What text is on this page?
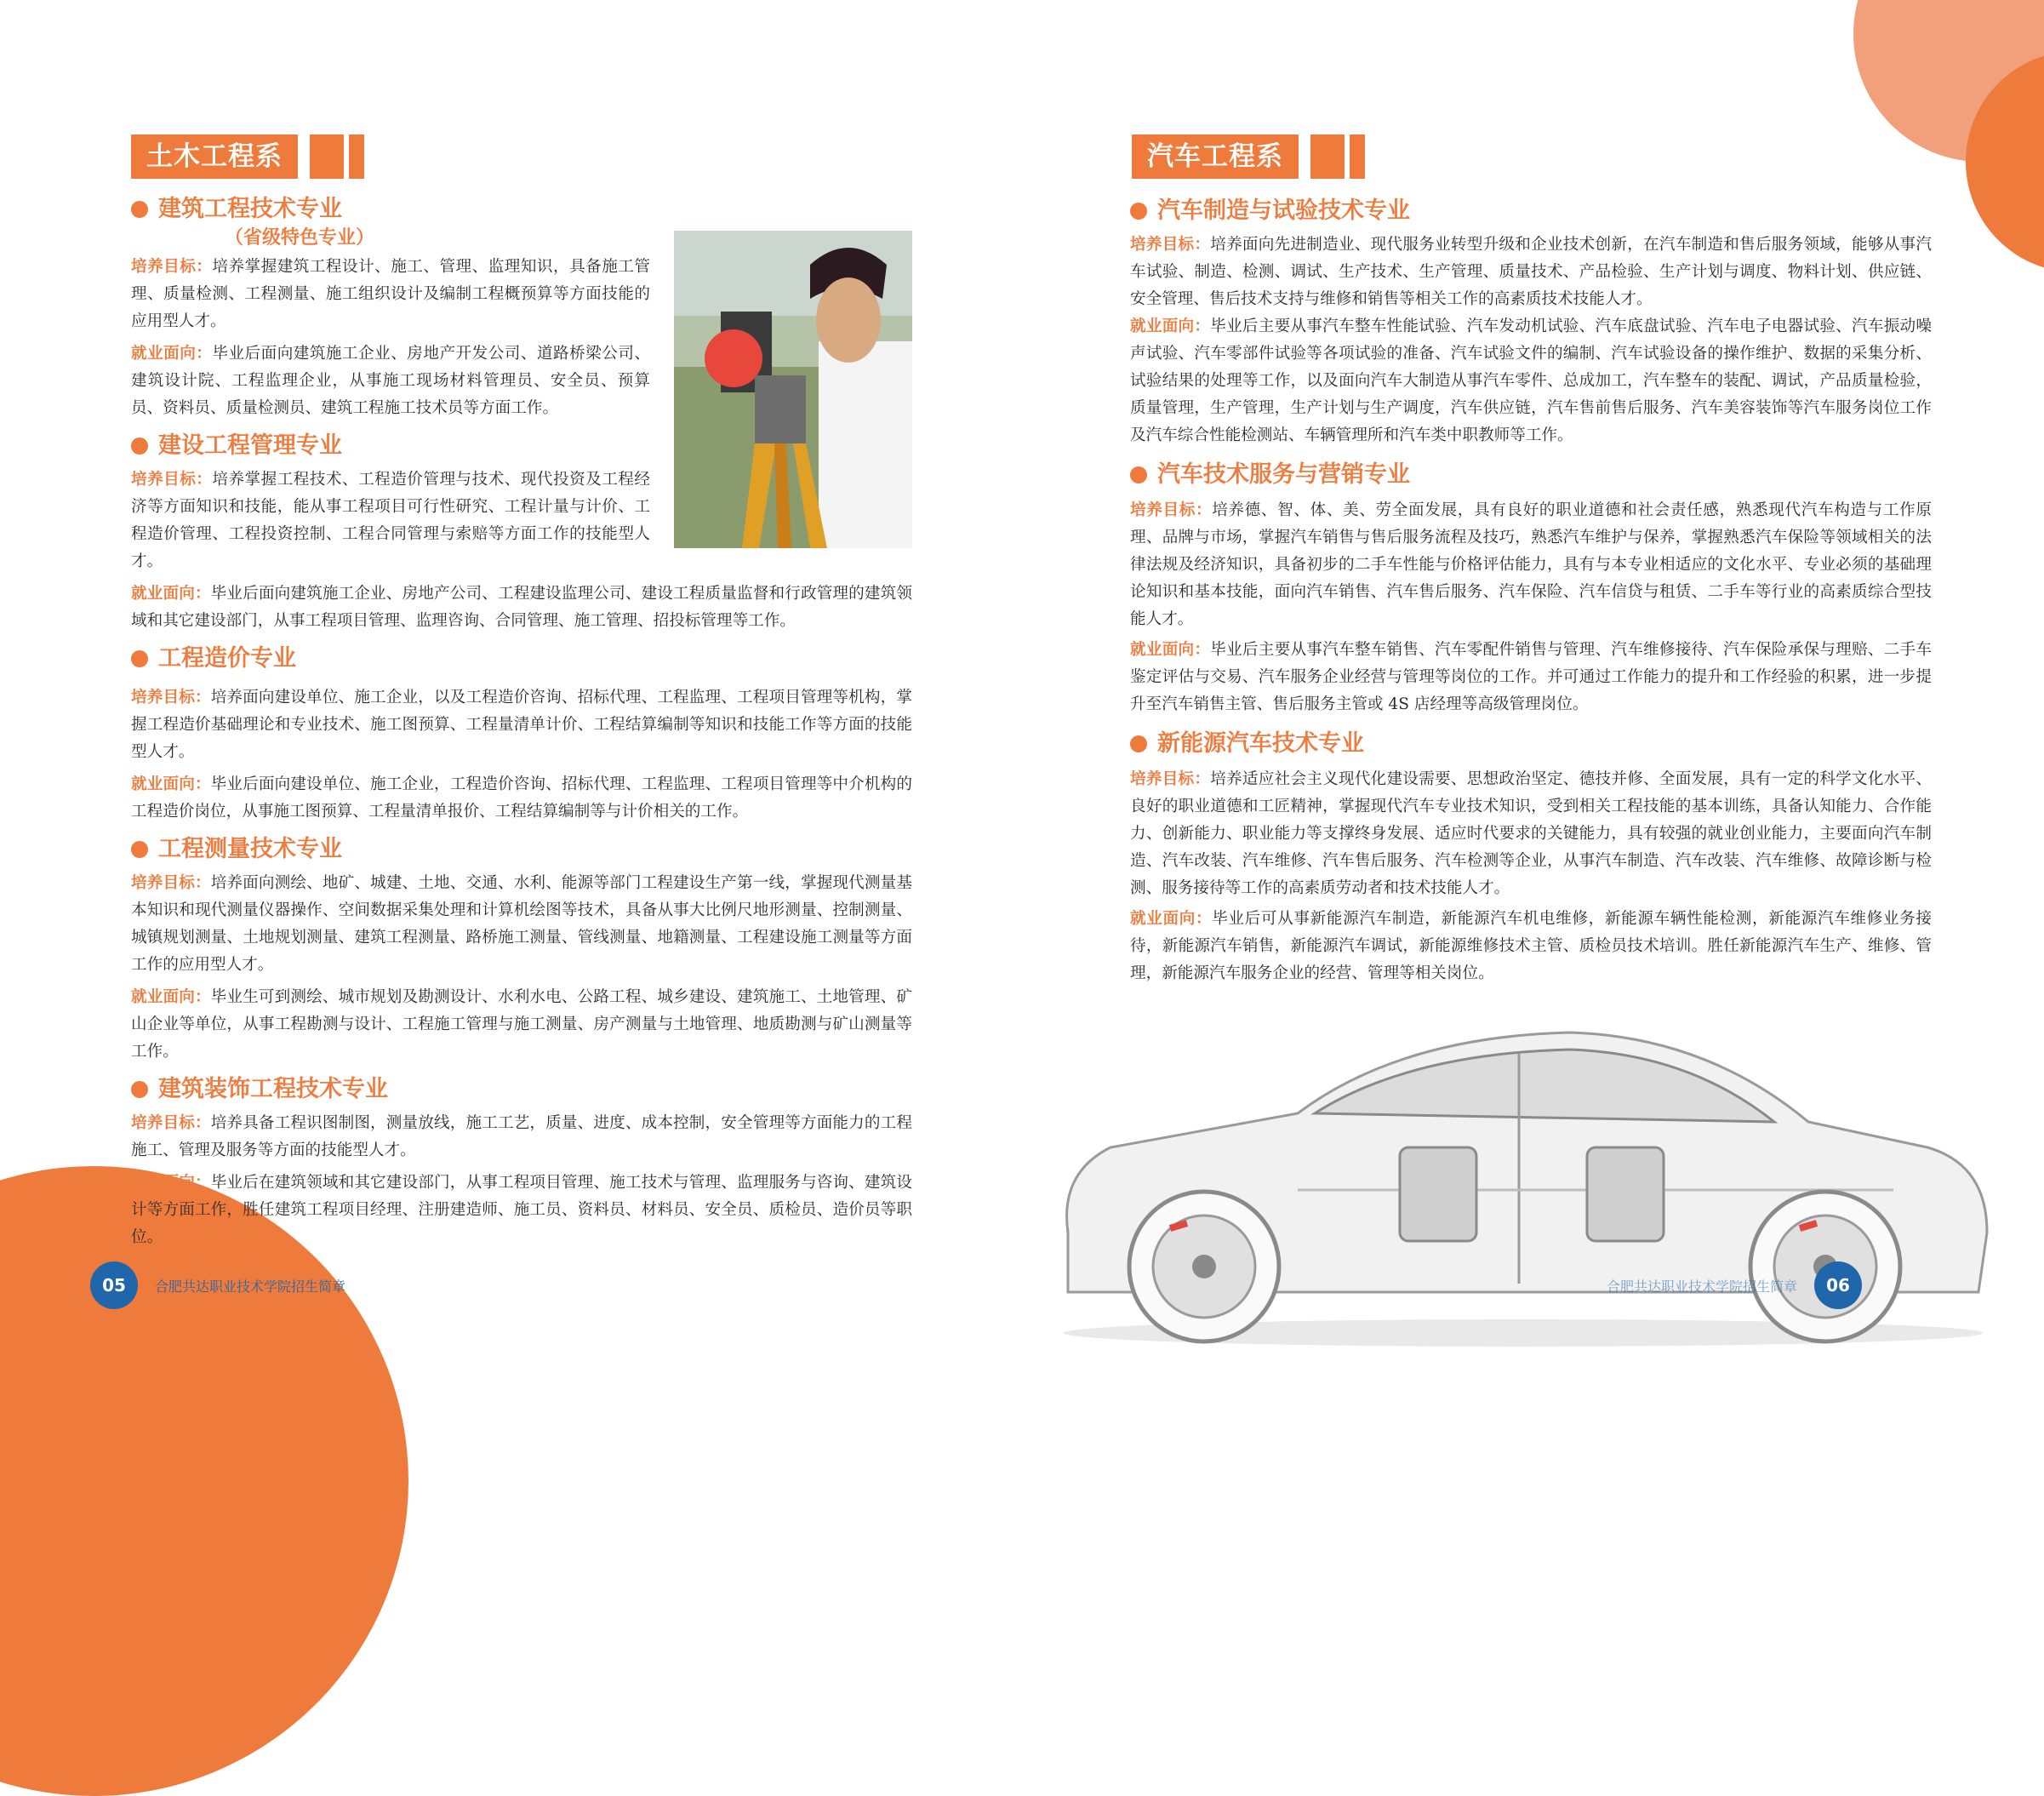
土木工程系

建筑工程技术专业

（省级特色专业）

培养目标：培养掌握建筑工程设计、施工、管理、监理知识，具备施工管理、质量检测、工程测量、施工组织设计及编制工程概预算等方面技能的应用型人才。

就业面向：毕业后面向建筑施工企业、房地产开发公司、道路桥梁公司、建筑设计院、工程监理企业，从事施工现场材料管理员、安全员、预算员、资料员、质量检测员、建筑工程施工技术员等方面工作。

建设工程管理专业

培养目标：培养掌握工程技术、工程造价管理与技术、现代投资及工程经济等方面知识和技能，能从事工程项目可行性研究、工程计量与计价、工程造价管理、工程投资控制、工程合同管理与索赔等方面工作的技能型人才。

就业面向：毕业后面向建筑施工企业、房地产公司、工程建设监理公司、建设工程质量监督和行政管理的建筑领域和其它建设部门，从事工程项目管理、监理咨询、合同管理、施工管理、招投标管理等工作。

工程造价专业

培养目标：培养面向建设单位、施工企业，以及工程造价咨询、招标代理、工程监理、工程项目管理等机构，掌握工程造价基础理论和专业技术、施工图预算、工程量清单计价、工程结算编制等知识和技能工作等方面的技能型人才。

就业面向：毕业后面向建设单位、施工企业，工程造价咨询、招标代理、工程监理、工程项目管理等中介机构的工程造价岗位，从事施工图预算、工程量清单报价、工程结算编制等与计价相关的工作。

工程测量技术专业

培养目标：培养面向测绘、地矿、城建、土地、交通、水利、能源等部门工程建设生产第一线，掌握现代测量基本知识和现代测量仪器操作、空间数据采集处理和计算机绘图等技术，具备从事大比例尺地形测量、控制测量、城镇规划测量、土地规划测量、建筑工程测量、路桥施工测量、管线测量、地籍测量、工程建设施工测量等方面工作的应用型人才。

就业面向：毕业生可到测绘、城市规划及勘测设计、水利水电、公路工程、城乡建设、建筑施工、土地管理、矿山企业等单位，从事工程勘测与设计、工程施工管理与施工测量、房产测量与土地管理、地质勘测与矿山测量等工作。

建筑装饰工程技术专业

培养目标：培养具备工程识图制图，测量放线，施工工艺，质量、进度、成本控制，安全管理等方面能力的工程施工、管理及服务等方面的技能型人才。

就业面向：毕业后在建筑领域和其它建设部门，从事工程项目管理、施工技术与管理、监理服务与咨询、建筑设计等方面工作，胜任建筑工程项目经理、注册建造师、施工员、资料员、材料员、安全员、质检员、造价员等职位。

05	合肥共达职业技术学院招生简章
汽车工程系

汽车制造与试验技术专业

培养目标：培养面向先进制造业、现代服务业转型升级和企业技术创新，在汽车制造和售后服务领域，能够从事汽车试验、制造、检测、调试、生产技术、生产管理、质量技术、产品检验、生产计划与调度、物料计划、供应链、安全管理、售后技术支持与维修和销售等相关工作的高素质技术技能人才。

就业面向：毕业后主要从事汽车整车性能试验、汽车发动机试验、汽车底盘试验、汽车电子电器试验、汽车振动噪声试验、汽车零部件试验等各项试验的准备、汽车试验文件的编制、汽车试验设备的操作维护、数据的采集分析、试验结果的处理等工作，以及面向汽车大制造从事汽车零件、总成加工，汽车整车的装配、调试，产品质量检验，质量管理，生产管理，生产计划与生产调度，汽车供应链，汽车售前售后服务、汽车美容装饰等汽车服务岗位工作及汽车综合性能检测站、车辆管理所和汽车类中职教师等工作。

汽车技术服务与营销专业

培养目标：培养德、智、体、美、劳全面发展，具有良好的职业道德和社会责任感，熟悉现代汽车构造与工作原理、品牌与市场，掌握汽车销售与售后服务流程及技巧，熟悉汽车维护与保养，掌握熟悉汽车保险等领域相关的法律法规及经济知识，具备初步的二手车性能与价格评估能力，具有与本专业相适应的文化水平、专业必须的基础理论知识和基本技能，面向汽车销售、汽车售后服务、汽车保险、汽车信贷与租赁、二手车等行业的高素质综合型技能人才。

就业面向：毕业后主要从事汽车整车销售、汽车零配件销售与管理、汽车维修接待、汽车保险承保与理赔、二手车鉴定评估与交易、汽车服务企业经营与管理等岗位的工作。并可通过工作能力的提升和工作经验的积累，进一步提升至汽车销售主管、售后服务主管或 4S 店经理等高级管理岗位。

新能源汽车技术专业

培养目标：培养适应社会主义现代化建设需要、思想政治坚定、德技并修、全面发展，具有一定的科学文化水平、良好的职业道德和工匠精神，掌握现代汽车专业技术知识，受到相关工程技能的基本训练，具备认知能力、合作能力、创新能力、职业能力等支撑终身发展、适应时代要求的关键能力，具有较强的就业创业能力，主要面向汽车制造、汽车改装、汽车维修、汽车售后服务、汽车检测等企业，从事汽车制造、汽车改装、汽车维修、故障诊断与检测、服务接待等工作的高素质劳动者和技术技能人才。

就业面向：毕业后可从事新能源汽车制造，新能源汽车机电维修，新能源车辆性能检测，新能源汽车维修业务接待，新能源汽车销售，新能源汽车调试，新能源维修技术主管、质检员技术培训。胜任新能源汽车生产、维修、管理，新能源汽车服务企业的经营、管理等相关岗位。

合肥共达职业技术学院招生简章	06
